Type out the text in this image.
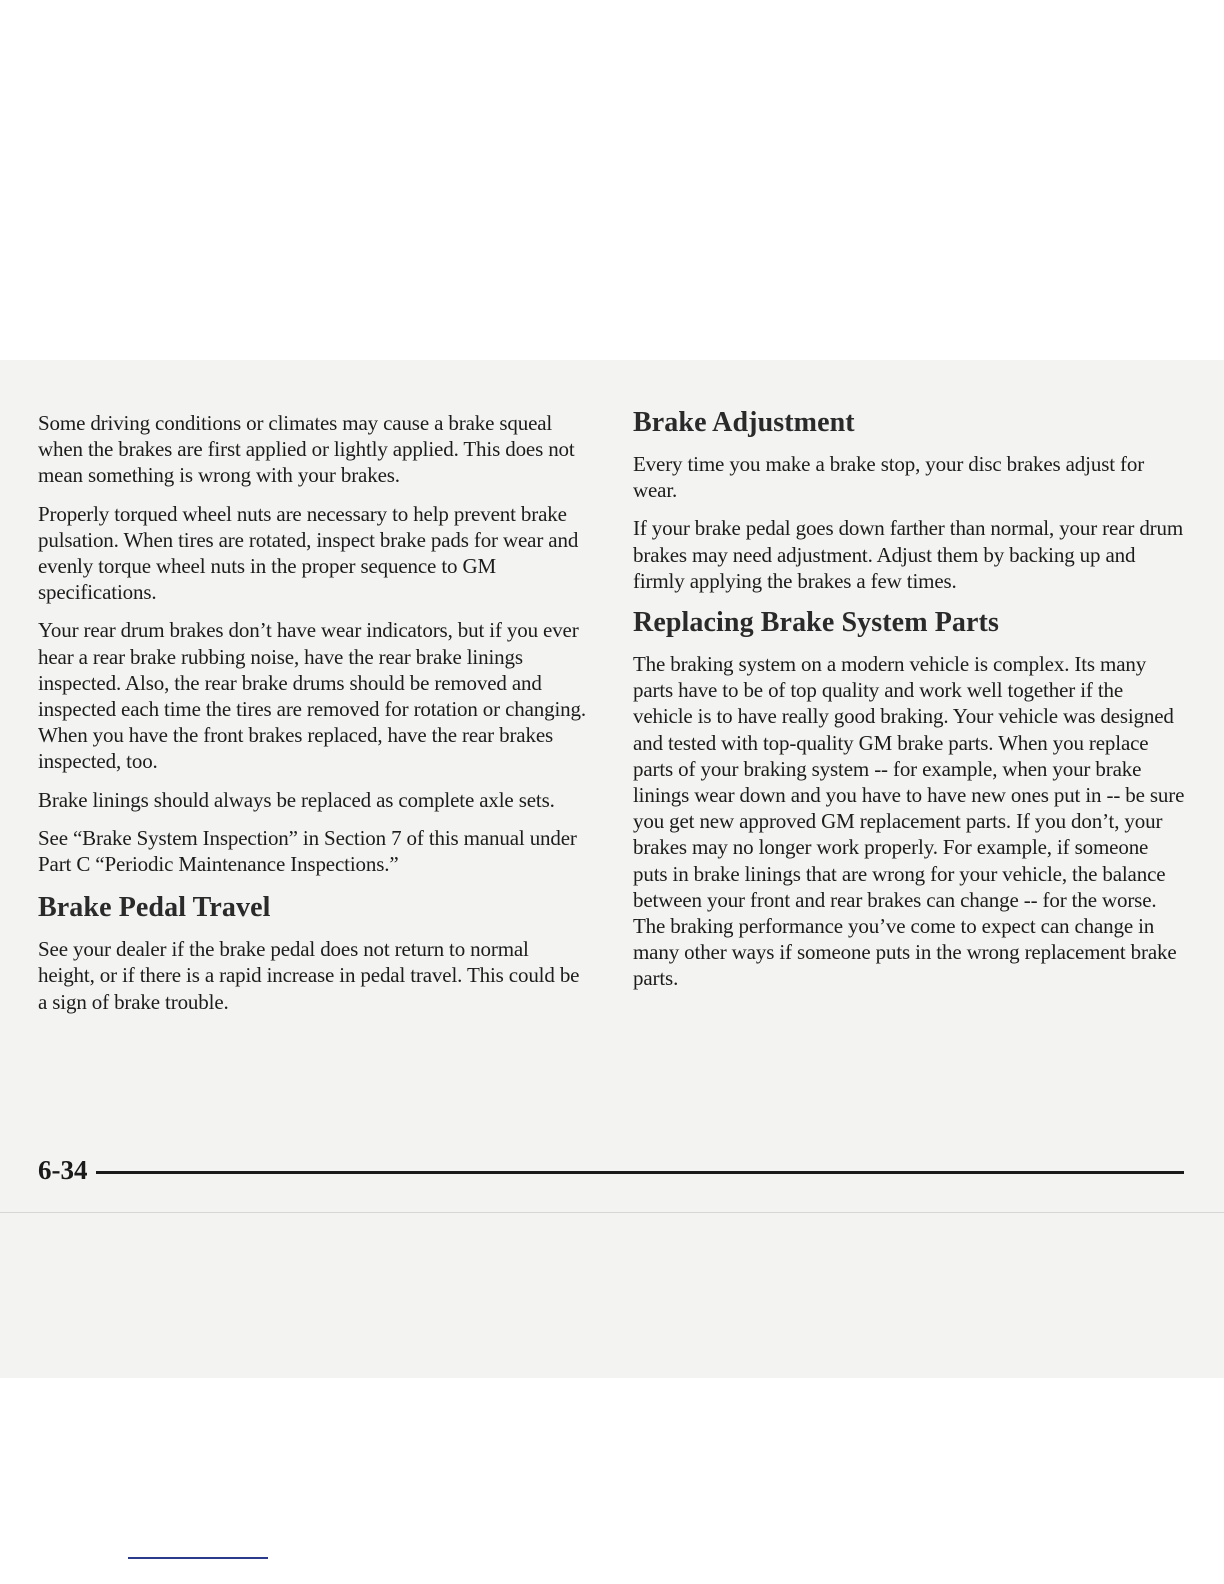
Some driving conditions or climates may cause a brake squeal when the brakes are first applied or lightly applied. This does not mean something is wrong with your brakes.

Properly torqued wheel nuts are necessary to help prevent brake pulsation. When tires are rotated, inspect brake pads for wear and evenly torque wheel nuts in the proper sequence to GM specifications.

Your rear drum brakes don’t have wear indicators, but if you ever hear a rear brake rubbing noise, have the rear brake linings inspected. Also, the rear brake drums should be removed and inspected each time the tires are removed for rotation or changing. When you have the front brakes replaced, have the rear brakes inspected, too.

Brake linings should always be replaced as complete axle sets.

See “Brake System Inspection” in Section 7 of this manual under Part C “Periodic Maintenance Inspections.”

Brake Pedal Travel

See your dealer if the brake pedal does not return to normal height, or if there is a rapid increase in pedal travel. This could be a sign of brake trouble.

Brake Adjustment

Every time you make a brake stop, your disc brakes adjust for wear.

If your brake pedal goes down farther than normal, your rear drum brakes may need adjustment. Adjust them by backing up and firmly applying the brakes a few times.

Replacing Brake System Parts

The braking system on a modern vehicle is complex. Its many parts have to be of top quality and work well together if the vehicle is to have really good braking. Your vehicle was designed and tested with top-quality GM brake parts. When you replace parts of your braking system -- for example, when your brake linings wear down and you have to have new ones put in -- be sure you get new approved GM replacement parts. If you don’t, your brakes may no longer work properly. For example, if someone puts in brake linings that are wrong for your vehicle, the balance between your front and rear brakes can change -- for the worse. The braking performance you’ve come to expect can change in many other ways if someone puts in the wrong replacement brake parts.

6-34
